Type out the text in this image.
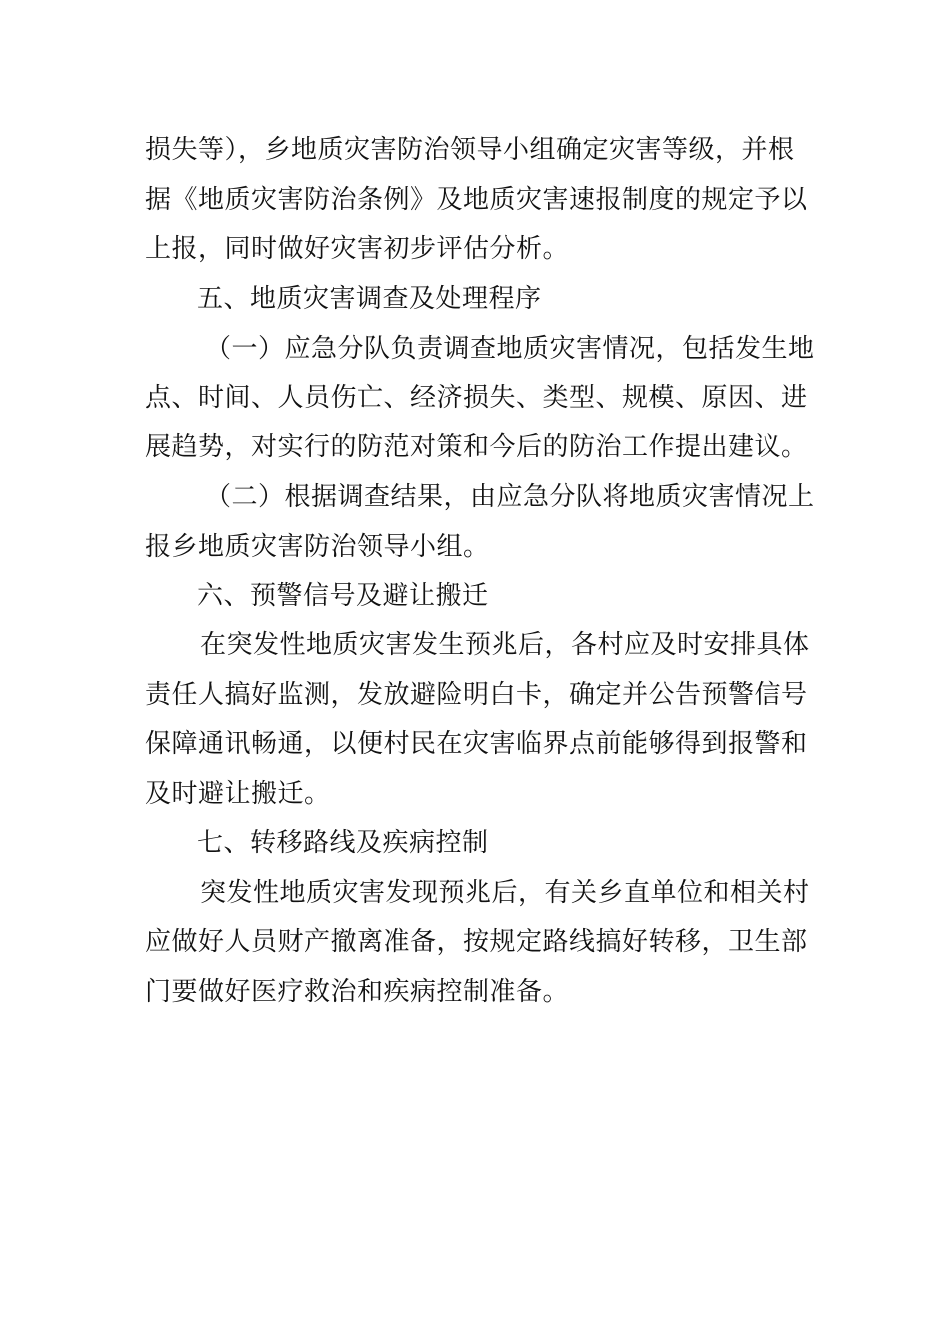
损失等），乡地质灾害防治领导小组确定灾害等级，并根
据《地质灾害防治条例》及地质灾害速报制度的规定予以
上报，同时做好灾害初步评估分析。
五、地质灾害调查及处理程序
（一）应急分队负责调查地质灾害情况，包括发生地
点、时间、人员伤亡、经济损失、类型、规模、原因、进
展趋势，对实行的防范对策和今后的防治工作提出建议。
（二）根据调查结果，由应急分队将地质灾害情况上
报乡地质灾害防治领导小组。
六、预警信号及避让搬迁
在突发性地质灾害发生预兆后，各村应及时安排具体
责任人搞好监测，发放避险明白卡，确定并公告预警信号
保障通讯畅通，以便村民在灾害临界点前能够得到报警和
及时避让搬迁。
七、转移路线及疾病控制
突发性地质灾害发现预兆后，有关乡直单位和相关村
应做好人员财产撤离准备，按规定路线搞好转移，卫生部
门要做好医疗救治和疾病控制准备。
